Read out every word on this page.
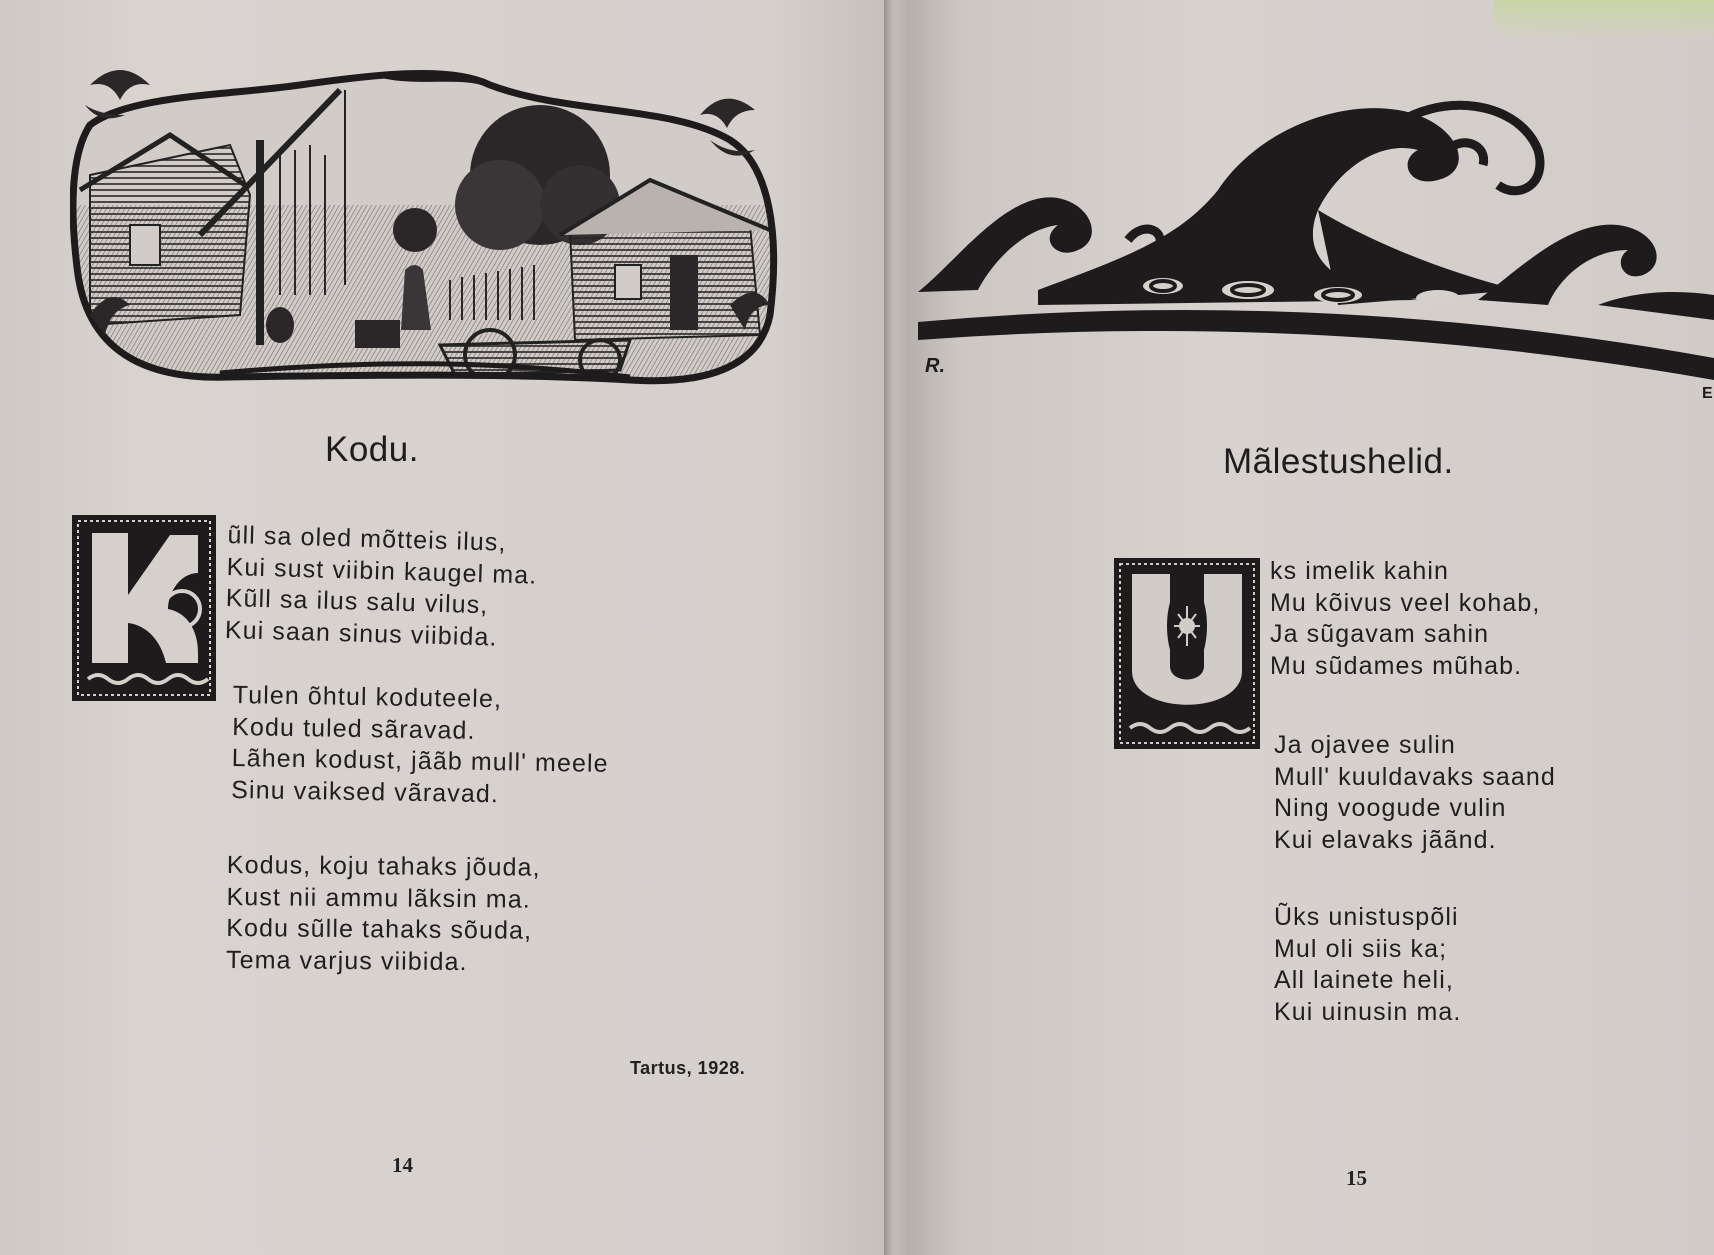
Kodu.
ũll sa oled mõtteis ilus,
Kui sust viibin kaugel ma.
Kũll sa ilus salu vilus,
Kui saan sinus viibida.
Tulen õhtul koduteele,
Kodu tuled sãravad.
Lãhen kodust, jããb mull' meele
Sinu vaiksed vãravad.
Kodus, koju tahaks jõuda,
Kust nii ammu lãksin ma.
Kodu sũlle tahaks sõuda,
Tema varjus viibida.
Tartus, 1928.
14
R.
E
Mãlestushelid.
ks imelik kahin
Mu kõivus veel kohab,
Ja sũgavam sahin
Mu sũdames mũhab.
Ja ojavee sulin
Mull' kuuldavaks saand
Ning voogude vulin
Kui elavaks jããnd.
Ũks unistuspõli
Mul oli siis ka;
All lainete heli,
Kui uinusin ma.
15
